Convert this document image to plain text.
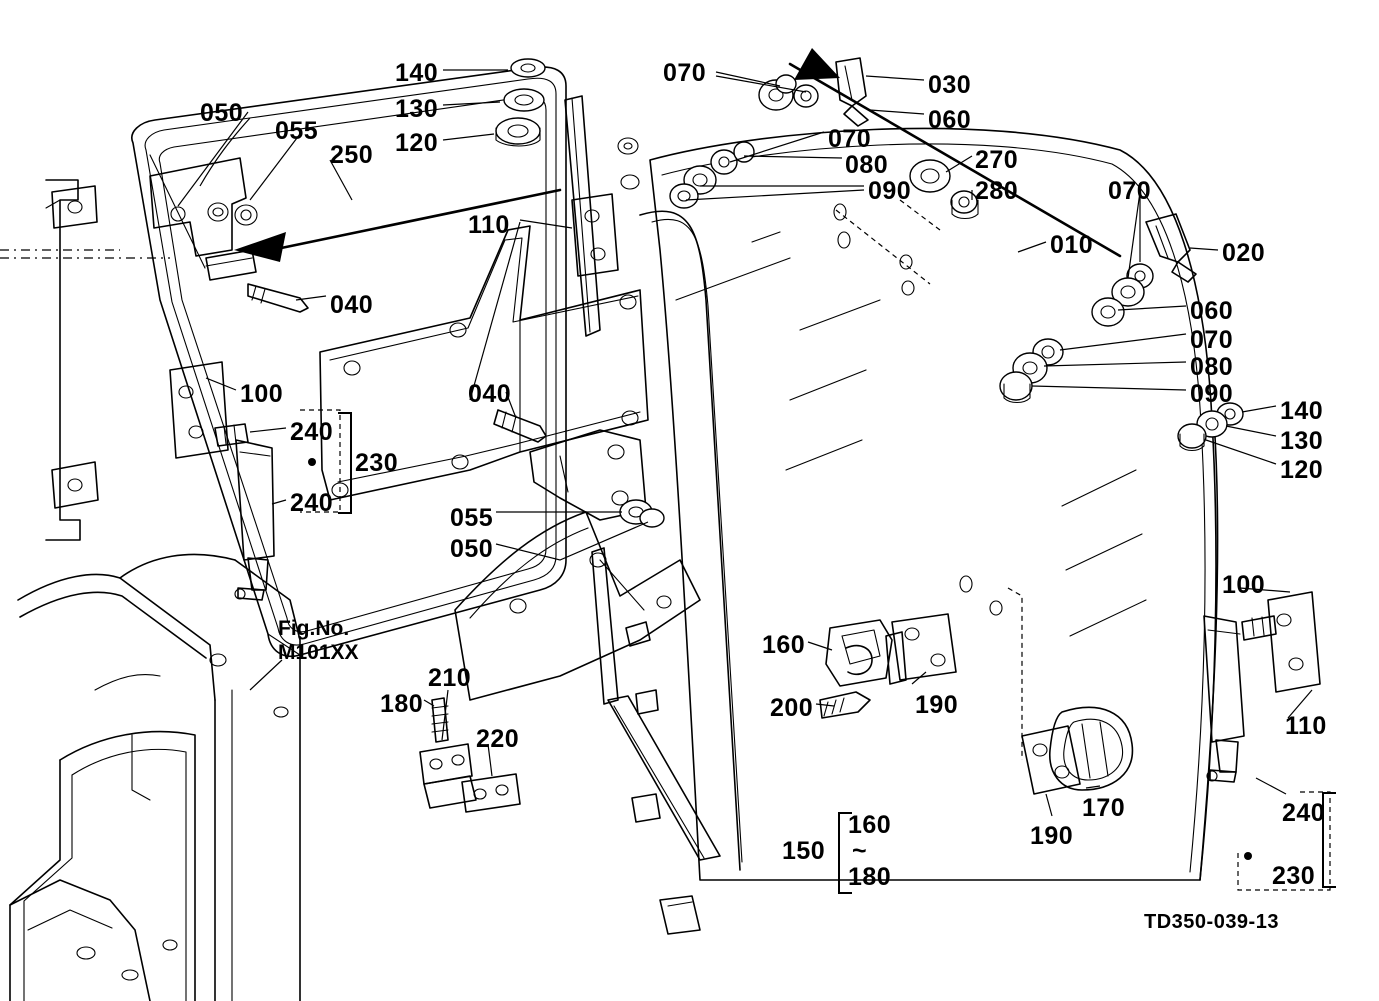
140
130
120
070	030
060
070
080	270
090	280
050
055
250
070
010	020
110
040	060
070
080
090
100	040
140
130
120
240
230
240
055
050
100
160
190
200
110
180
210
220
170
190
240
230
150
160
~
180
Fig.No.
M101XX
TD350-039-13
